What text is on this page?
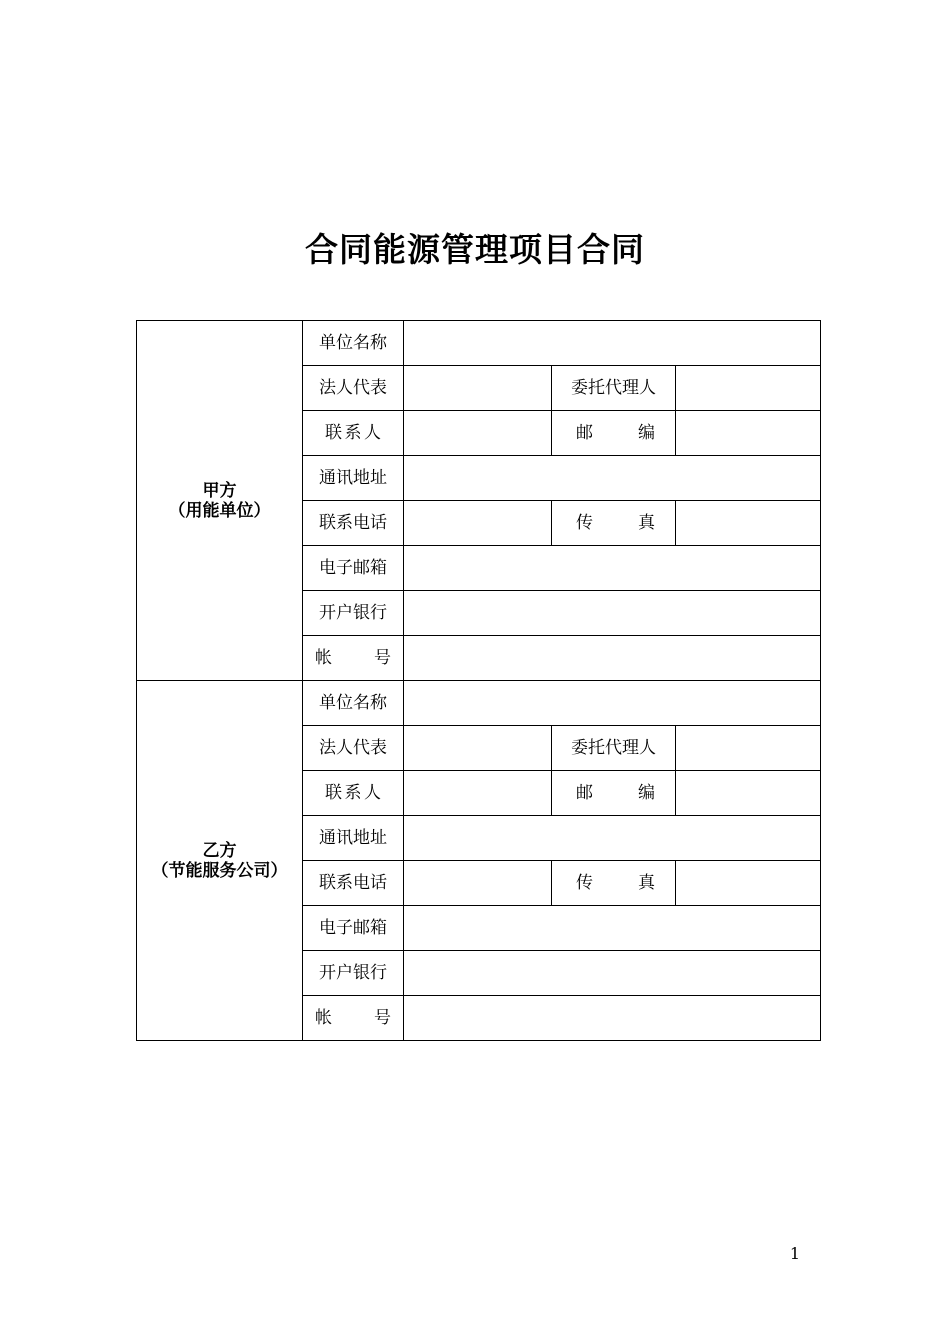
合同能源管理项目合同
甲方
（用能单位）	单位名称			
	法人代表		委托代理人	
	联系人		邮编	
	通讯地址			
	联系电话		传真	
	电子邮箱			
	开户银行			
	帐号			

乙方
（节能服务公司）	单位名称			
	法人代表		委托代理人	
	联系人		邮编	
	通讯地址			
	联系电话		传真	
	电子邮箱			
	开户银行			
	帐号			
1
